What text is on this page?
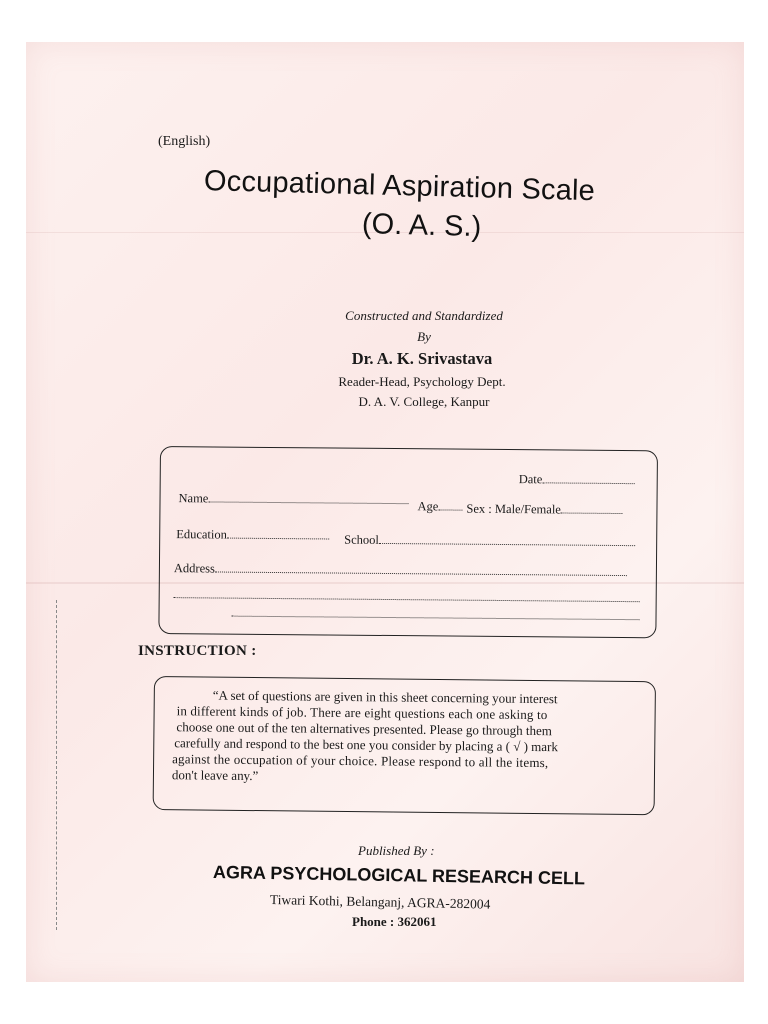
(English)
Occupational Aspiration Scale
(O. A. S.)
Constructed and Standardized
By
Dr. A. K. Srivastava
Reader-Head, Psychology Dept.
D. A. V. College, Kanpur
Date
Name
Age	Sex : Male/Female
Education	School
Address
INSTRUCTION :
“A set of questions are given in this sheet concerning your interest
in different kinds of job. There are eight questions each one asking to
choose one out of the ten alternatives presented. Please go through them
carefully and respond to the best one you consider by placing a ( √ ) mark
against the occupation of your choice. Please respond to all the items,
don't leave any.”
Published By :
AGRA PSYCHOLOGICAL RESEARCH CELL
Tiwari Kothi, Belanganj, AGRA-282004
Phone : 362061
